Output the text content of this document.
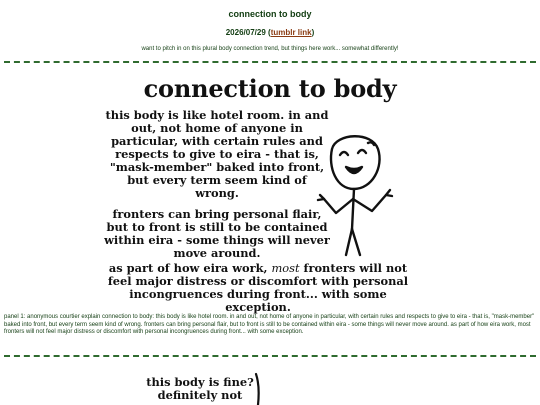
connection to body
2026/07/29 (tumblr link)
want to pitch in on this plural body connection trend, but things here work... somewhat differently!
connection to body
this body is like hotel room. in and out, not home of anyone in particular, with certain rules and respects to give to eira - that is, "mask-member" baked into front, but every term seem kind of wrong.
fronters can bring personal flair, but to front is still to be contained within eira - some things will never move around.
as part of how eira work, most fronters will not feel major distress or discomfort with personal incongruences during front... with some exception.
panel 1: anonymous courtier explain connection to body: this body is like hotel room. in and out, not home of anyone in particular, with certain rules and respects to give to eira - that is, "mask-member" baked into front, but every term seem kind of wrong. fronters can bring personal flair, but to front is still to be contained within eira - some things will never move around. as part of how eira work, most fronters will not feel major distress or discomfort with personal incongruences during front... with some exception.
this body is fine?
definitely not
